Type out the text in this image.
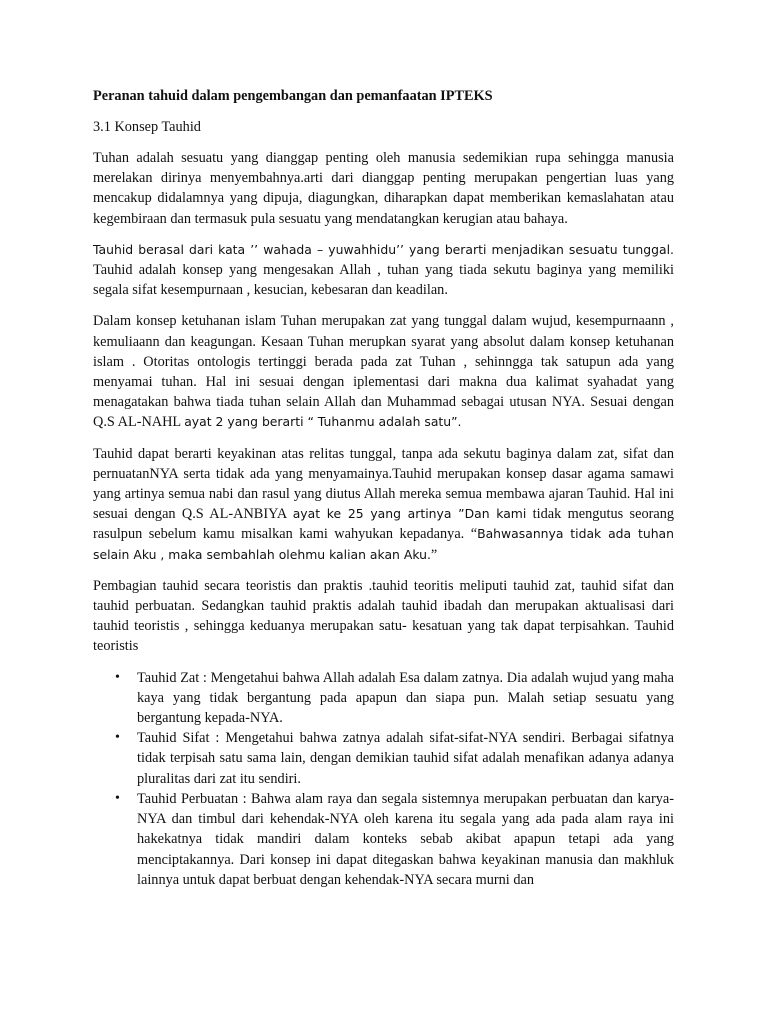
Peranan tahuid dalam pengembangan dan pemanfaatan IPTEKS
3.1 Konsep Tauhid

Tuhan adalah sesuatu yang dianggap penting oleh manusia sedemikian rupa sehingga manusia merelakan dirinya menyembahnya.arti dari dianggap penting merupakan pengertian luas yang mencakup didalamnya yang dipuja, diagungkan, diharapkan dapat memberikan kemaslahatan atau kegembiraan dan termasuk pula sesuatu yang mendatangkan kerugian atau bahaya.

Tauhid berasal dari kata ’’ wahada – yuwahhidu’’ yang berarti menjadikan sesuatu tunggal. Tauhid adalah konsep yang mengesakan Allah , tuhan yang tiada sekutu baginya yang memiliki segala sifat kesempurnaan , kesucian, kebesaran dan keadilan.

Dalam konsep ketuhanan islam Tuhan merupakan zat yang tunggal dalam wujud, kesempurnaann , kemuliaann dan keagungan. Kesaan Tuhan merupkan syarat yang absolut dalam konsep ketuhanan islam . Otoritas ontologis tertinggi berada pada zat Tuhan , sehinngga tak satupun ada yang menyamai tuhan. Hal ini sesuai dengan iplementasi dari makna dua kalimat syahadat yang menagatakan bahwa tiada tuhan selain Allah dan Muhammad sebagai utusan NYA. Sesuai dengan Q.S AL-NAHL ayat 2 yang berarti “ Tuhanmu adalah satu”.

Tauhid dapat berarti keyakinan atas relitas tunggal, tanpa ada sekutu baginya dalam zat, sifat dan pernuatanNYA serta tidak ada yang menyamainya.Tauhid merupakan konsep dasar agama samawi yang artinya semua nabi dan rasul yang diutus Allah mereka semua membawa ajaran Tauhid. Hal ini sesuai dengan Q.S AL-ANBIYA ayat ke 25 yang artinya ”Dan kami tidak mengutus seorang rasulpun sebelum kamu misalkan kami wahyukan kepadanya. “Bahwasannya tidak ada tuhan selain Aku , maka sembahlah olehmu kalian akan Aku.”

Pembagian tauhid secara teoristis dan praktis .tauhid teoritis meliputi tauhid zat, tauhid sifat dan tauhid perbuatan. Sedangkan tauhid praktis adalah tauhid ibadah dan merupakan aktualisasi dari tauhid teoristis , sehingga keduanya merupakan satu- kesatuan yang tak dapat terpisahkan. Tauhid teoristis

• Tauhid Zat : Mengetahui bahwa Allah adalah Esa dalam zatnya. Dia adalah wujud yang maha kaya yang tidak bergantung pada apapun dan siapa pun. Malah setiap sesuatu yang bergantung kepada-NYA.
• Tauhid Sifat : Mengetahui bahwa zatnya adalah sifat-sifat-NYA sendiri. Berbagai sifatnya tidak terpisah satu sama lain, dengan demikian tauhid sifat adalah menafikan adanya adanya pluralitas dari zat itu sendiri.
• Tauhid Perbuatan : Bahwa alam raya dan segala sistemnya merupakan perbuatan dan karya-NYA dan timbul dari kehendak-NYA oleh karena itu segala yang ada pada alam raya ini hakekatnya tidak mandiri dalam konteks sebab akibat apapun tetapi ada yang menciptakannya. Dari konsep ini dapat ditegaskan bahwa keyakinan manusia dan makhluk lainnya untuk dapat berbuat dengan kehendak-NYA secara murni dan
